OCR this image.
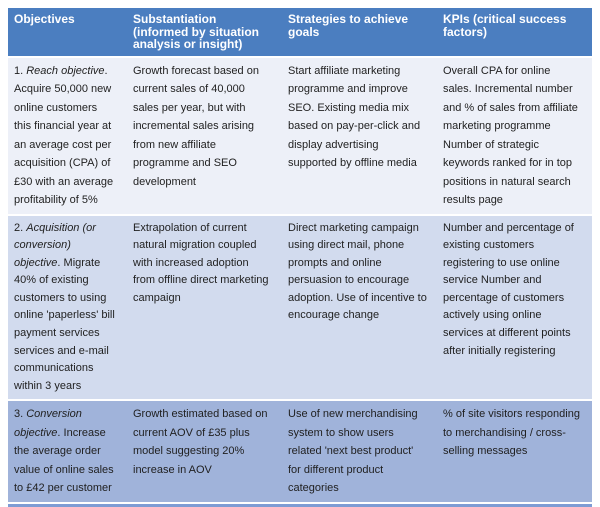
Objectives	Substantiation (informed by situation analysis or insight)
Strategies to achieve goals
KPIs (critical success factors)
1. Reach objective. Acquire 50,000 new online customers this financial year at an average cost per acquisition (CPA) of £30 with an average profitability of 5%
Growth forecast based on current sales of 40,000 sales per year, but with incremental sales arising from new affiliate programme and SEO development
Start affiliate marketing programme and improve SEO. Existing media mix based on pay-per-click and display advertising supported by offline media
Overall CPA for online sales. Incremental number and % of sales from affiliate marketing programme Number of strategic keywords ranked for in top positions in natural search results page
2. Acquisition (or conversion) objective. Migrate 40% of existing customers to using online 'paperless' bill payment services services and e-mail communications within 3 years
Extrapolation of current natural migration coupled with increased adoption from offline direct marketing campaign
Direct marketing campaign using direct mail, phone prompts and online persuasion to encourage adoption. Use of incentive to encourage change
Number and percentage of existing customers registering to use online service Number and percentage of customers actively using online services at different points after initially registering
3. Conversion objective. Increase the average order value of online sales to £42 per customer
Growth estimated based on current AOV of £35 plus model suggesting 20% increase in AOV
Use of new merchandising system to show users related 'next best product' for different product categories
% of site visitors responding to merchandising / cross-selling messages
